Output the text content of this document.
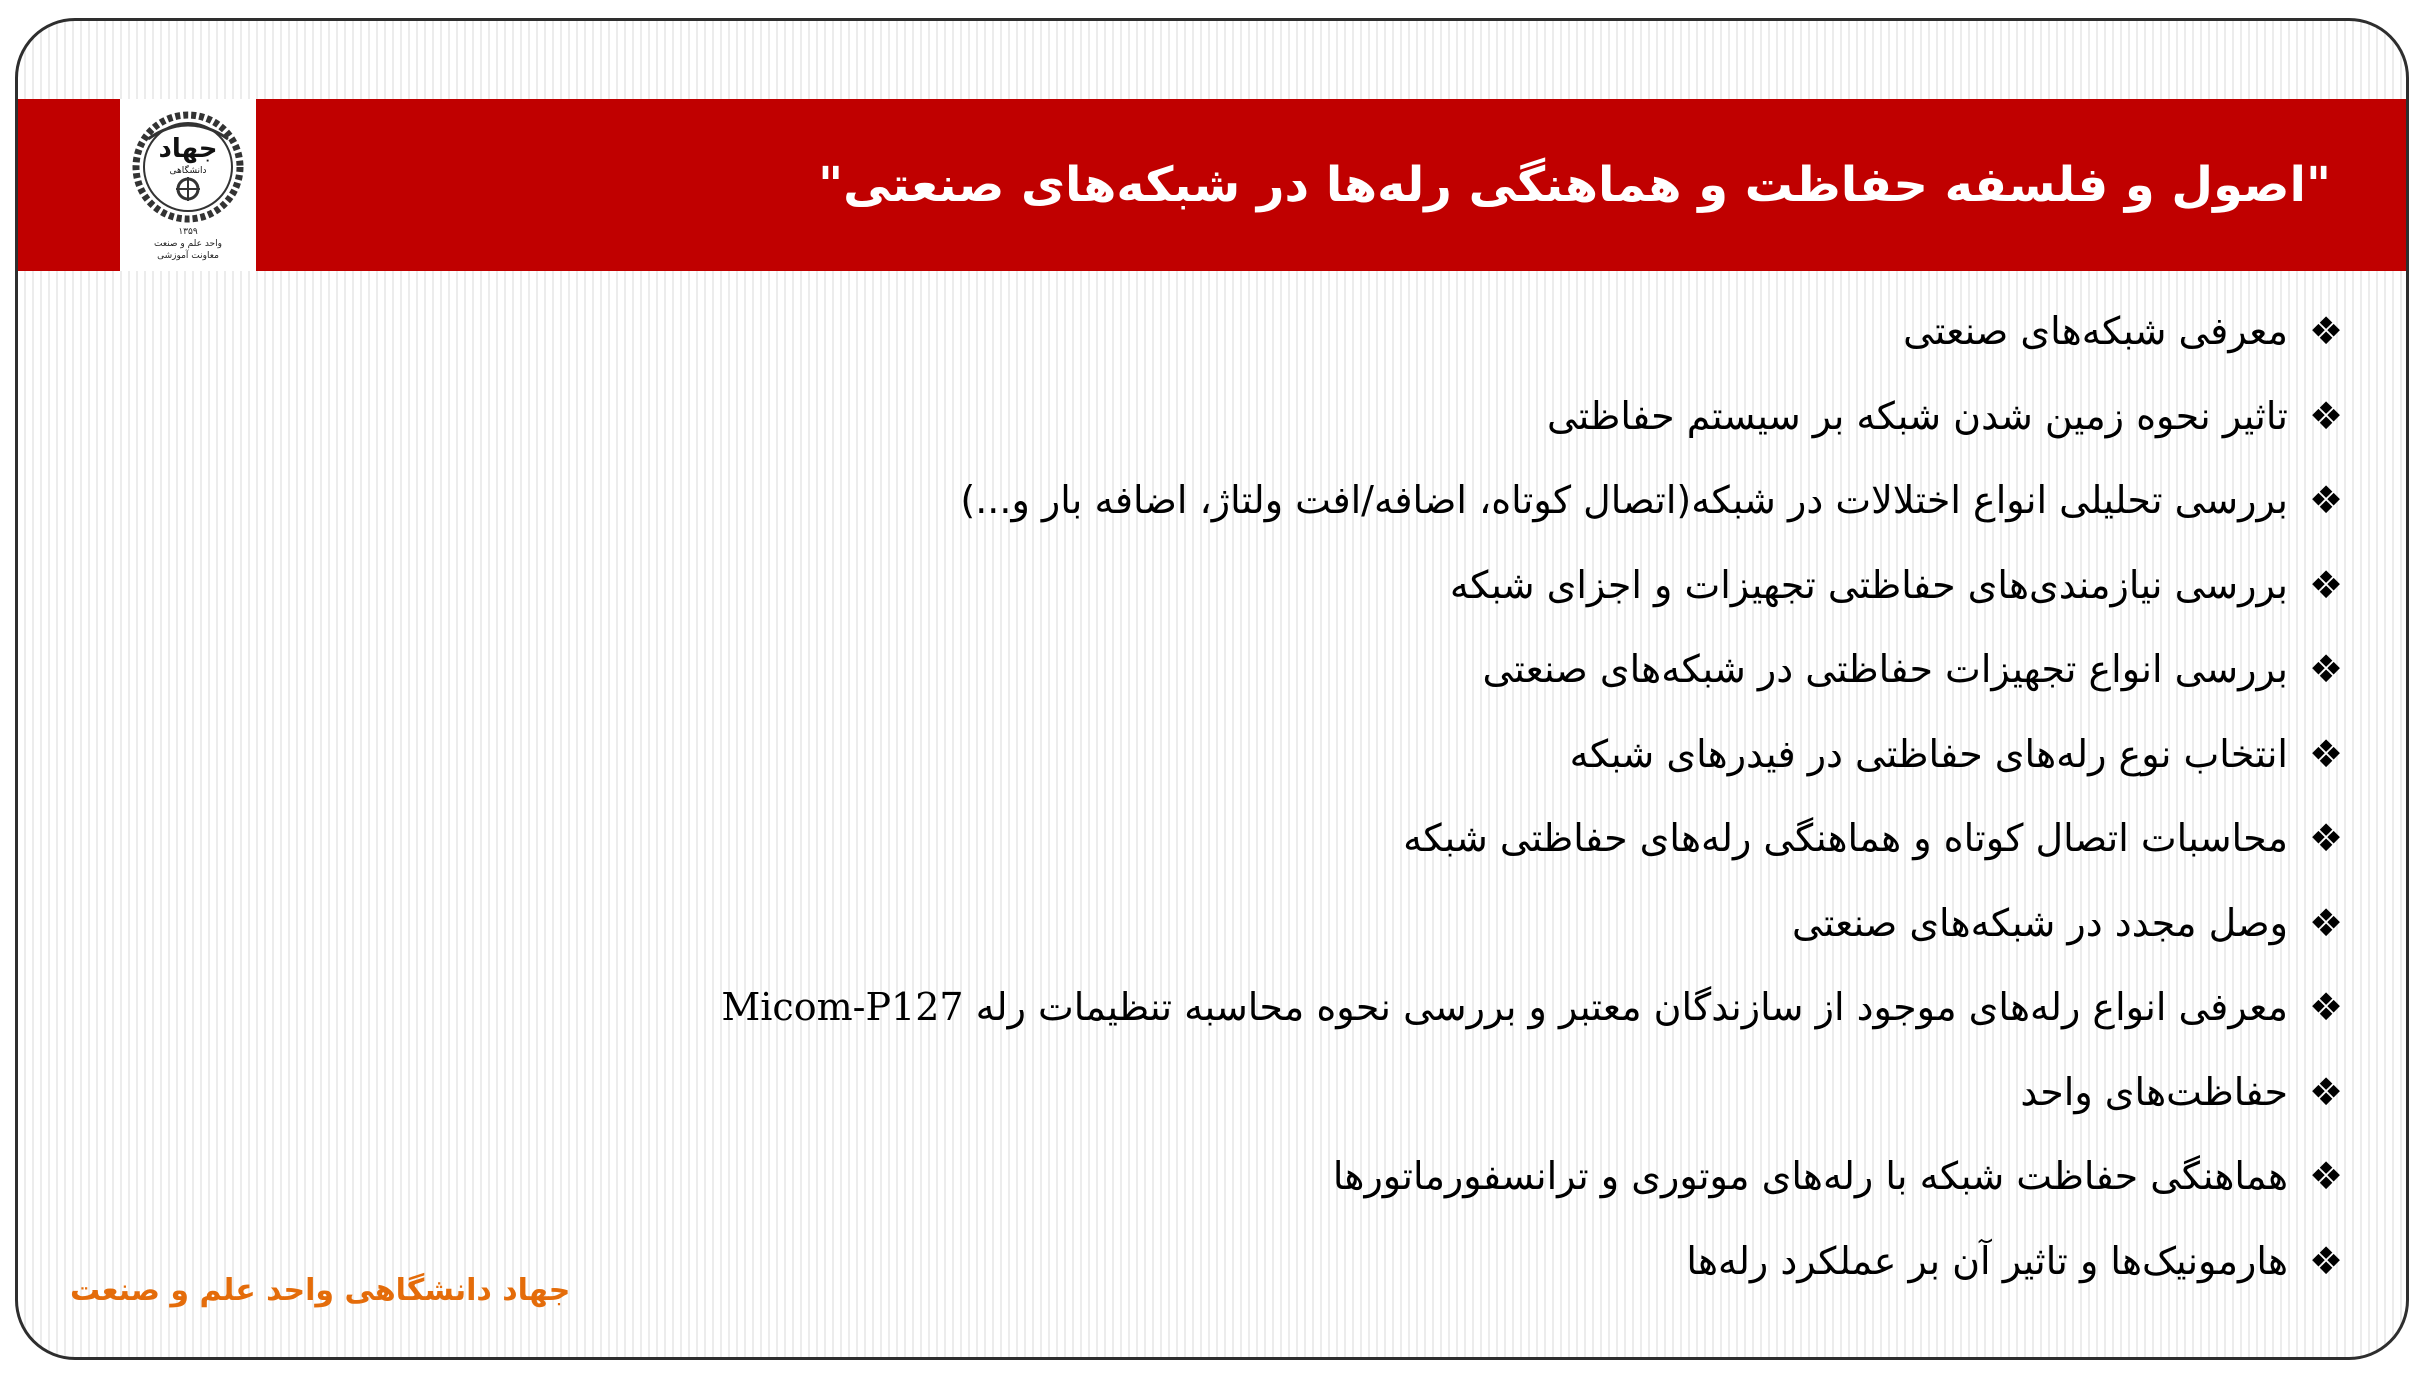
جهاد
دانشگاهی
۱۳۵۹
واحد علم و صنعت
معاونت آموزشی
"اصول و فلسفه حفاظت و هماهنگی رله‌ها در شبکه‌های صنعتی"
❖معرفی شبکه‌های صنعتی
❖تاثیر نحوه زمین شدن شبکه بر سیستم حفاظتی
❖بررسی تحلیلی انواع اختلالات در شبکه(اتصال کوتاه، اضافه/افت ولتاژ، اضافه بار و...)
❖بررسی نیازمندی‌های حفاظتی تجهیزات و اجزای شبکه
❖بررسی انواع تجهیزات حفاظتی در شبکه‌های صنعتی
❖انتخاب نوع رله‌های حفاظتی در فیدرهای شبکه
❖محاسبات اتصال کوتاه و هماهنگی رله‌های حفاظتی شبکه
❖وصل مجدد در شبکه‌های صنعتی
❖معرفی انواع رله‌های موجود از سازندگان معتبر و بررسی نحوه محاسبه تنظیمات رله Micom-P127
❖حفاظت‌های واحد
❖هماهنگی حفاظت شبکه با رله‌های موتوری و ترانسفورماتورها
❖هارمونیک‌ها و تاثیر آن بر عملکرد رله‌ها

جهاد دانشگاهی واحد علم و صنعت
